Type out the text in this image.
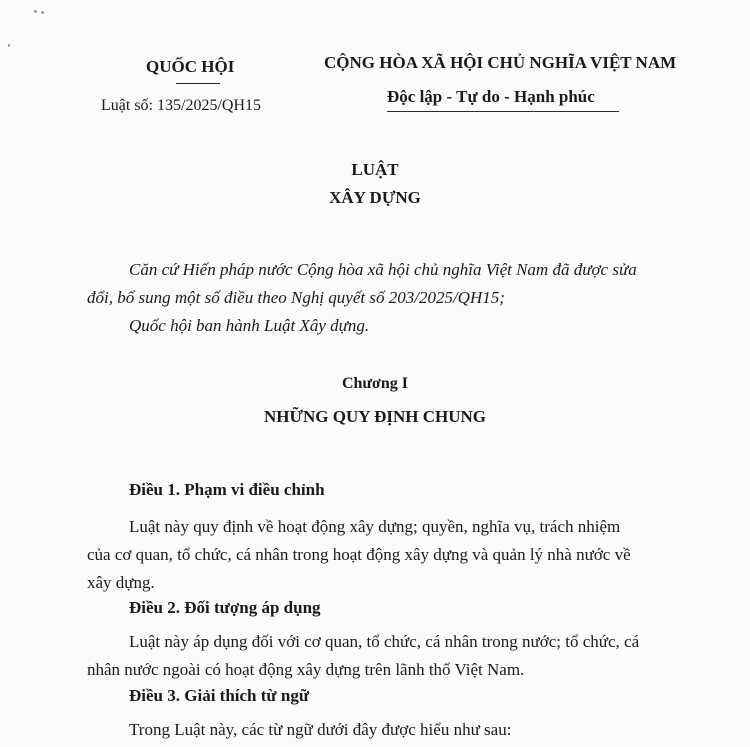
QUỐC HỘI
Luật số: 135/2025/QH15
CỘNG HÒA XÃ HỘI CHỦ NGHĨA VIỆT NAM
Độc lập - Tự do - Hạnh phúc
LUẬT
XÂY DỰNG
Căn cứ Hiến pháp nước Cộng hòa xã hội chủ nghĩa Việt Nam đã được sửa
đổi, bổ sung một số điều theo Nghị quyết số 203/2025/QH15;
Quốc hội ban hành Luật Xây dựng.
Chương I
NHỮNG QUY ĐỊNH CHUNG
Điều 1. Phạm vi điều chỉnh
Luật này quy định về hoạt động xây dựng; quyền, nghĩa vụ, trách nhiệm
của cơ quan, tổ chức, cá nhân trong hoạt động xây dựng và quản lý nhà nước về
xây dựng.
Điều 2. Đối tượng áp dụng
Luật này áp dụng đối với cơ quan, tổ chức, cá nhân trong nước; tổ chức, cá
nhân nước ngoài có hoạt động xây dựng trên lãnh thổ Việt Nam.
Điều 3. Giải thích từ ngữ
Trong Luật này, các từ ngữ dưới đây được hiểu như sau:
